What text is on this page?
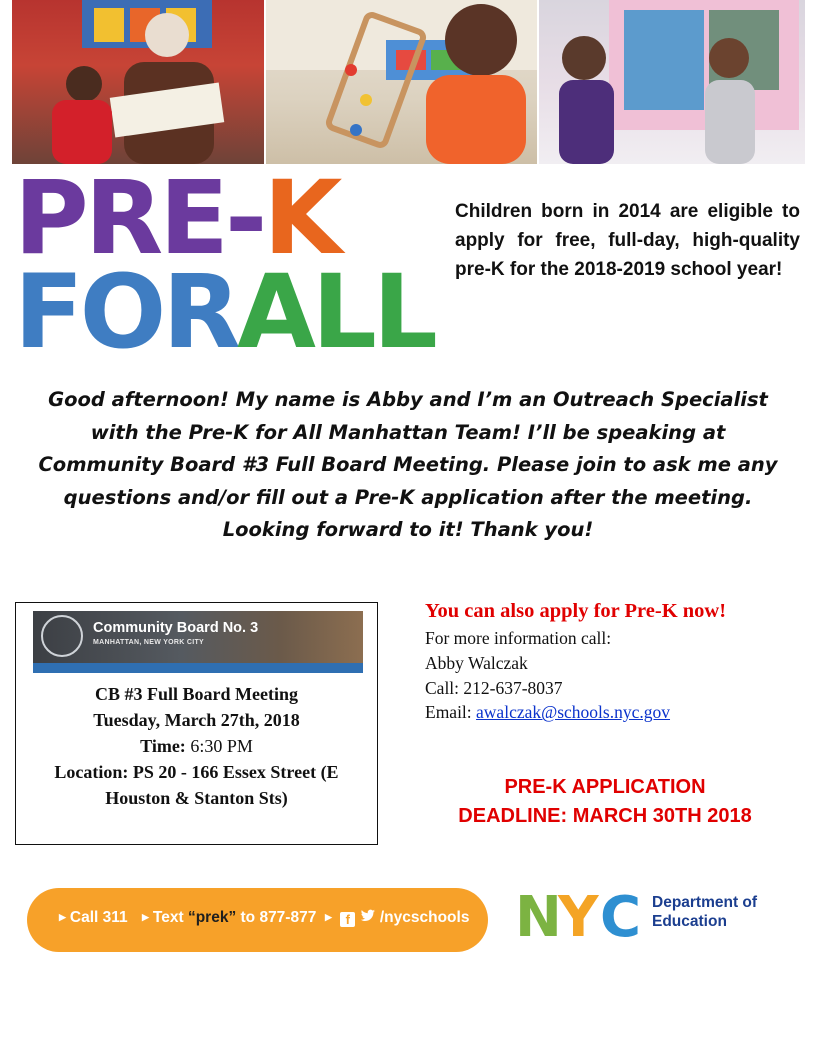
PRE-K
FORALL
Children born in 2014 are eligible to apply for free, full-day, high-quality pre-K for the 2018-2019 school year!
Good afternoon! My name is Abby and I’m an Outreach Specialist
with the Pre-K for All Manhattan Team! I’ll be speaking at
Community Board #3 Full Board Meeting. Please join to ask me any
questions and/or fill out a Pre-K application after the meeting.
Looking forward to it! Thank you!
Community Board No. 3
MANHATTAN, NEW YORK CITY
CB #3 Full Board Meeting
Tuesday, March 27th, 2018
Time: 6:30 PM
Location: PS 20 - 166 Essex Street (E
Houston & Stanton Sts)
You can also apply for Pre-K now!
For more information call:
Abby Walczak
Call: 212-637-8037
Email: awalczak@schools.nyc.gov
PRE-K APPLICATION
DEADLINE: MARCH 30TH 2018
▶ Call 311 ▶ Text “prek” to 877-877 ▶ f /nycschools N Y C Department of
Education
